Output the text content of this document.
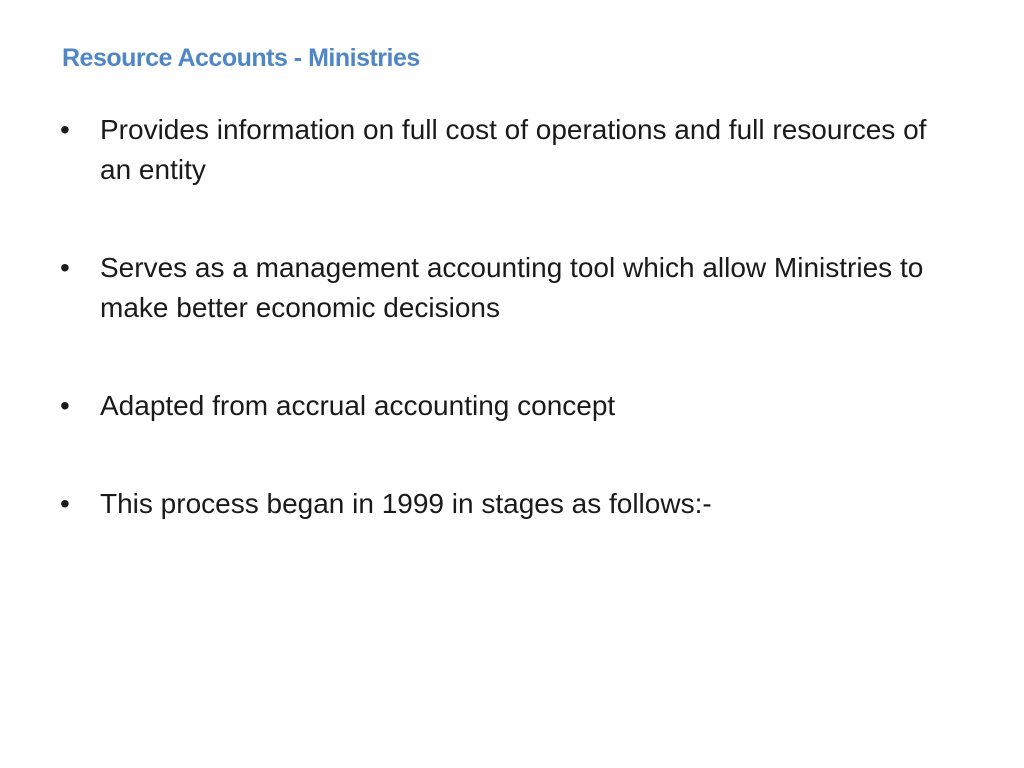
Resource Accounts - Ministries
•	Provides information on full cost of operations and full resources of an entity
•	Serves as a management accounting tool which allow Ministries to make better economic decisions
•	Adapted from accrual accounting concept
•	This process began in 1999 in stages as follows:-
